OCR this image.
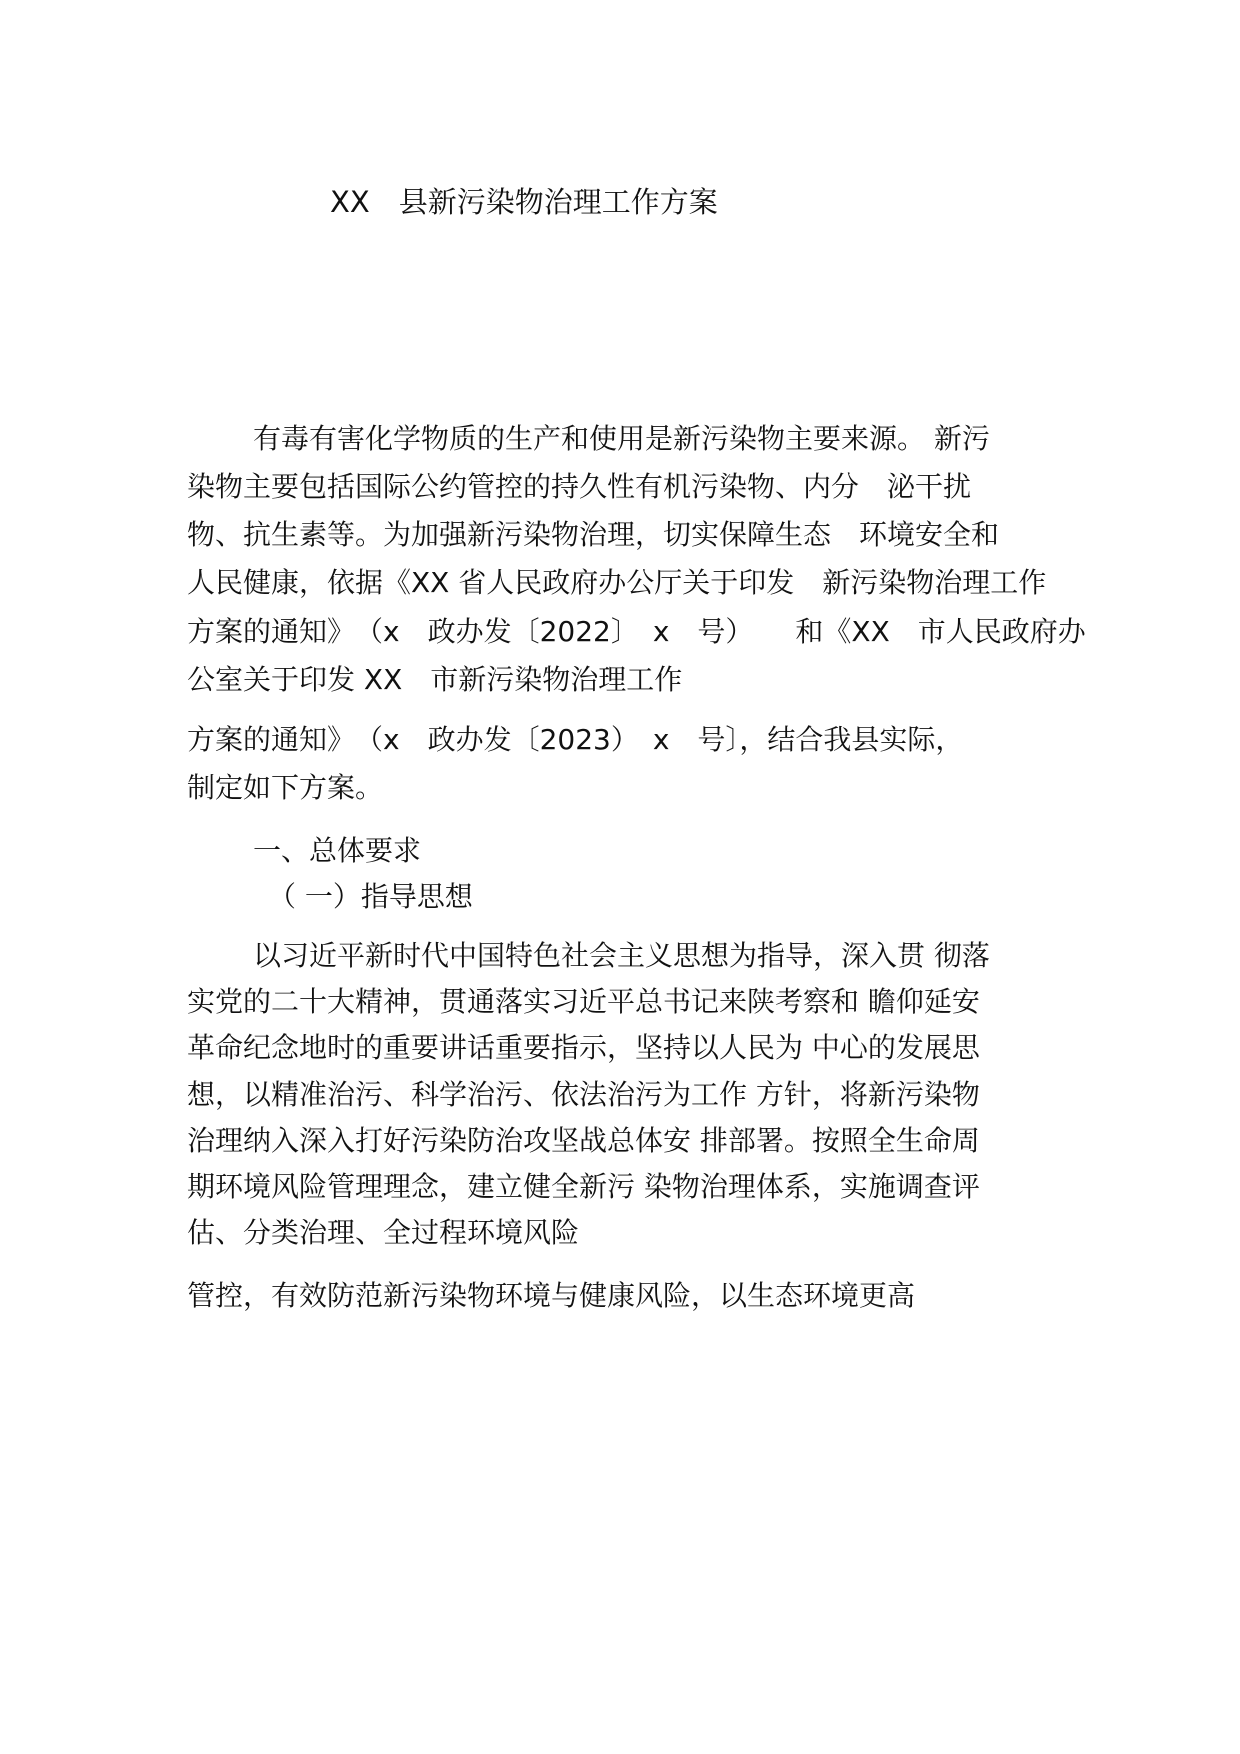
XX　县新污染物治理工作方案
有毒有害化学物质的生产和使用是新污染物主要来源。 新污
染物主要包括国际公约管控的持久性有机污染物、内分　泌干扰
物、抗生素等。为加强新污染物治理，切实保障生态　环境安全和
人民健康，依据《XX 省人民政府办公厅关于印发　新污染物治理工作
方案的通知》　（x　政办发〔2022〕　x　号）　　和《XX　市人民政府办
公室关于印发 XX　市新污染物治理工作
方案的通知》　（x　政办发〔2023）　x　号〕，结合我县实际，
制定如下方案。
一、总体要求
（ 一）指导思想
以习近平新时代中国特色社会主义思想为指导，深入贯 彻落
实党的二十大精神，贯通落实习近平总书记来陕考察和 瞻仰延安
革命纪念地时的重要讲话重要指示，坚持以人民为 中心的发展思
想，以精准治污、科学治污、依法治污为工作 方针，将新污染物
治理纳入深入打好污染防治攻坚战总体安 排部署。按照全生命周
期环境风险管理理念，建立健全新污 染物治理体系，实施调查评
估、分类治理、全过程环境风险
管控，有效防范新污染物环境与健康风险，以生态环境更高
